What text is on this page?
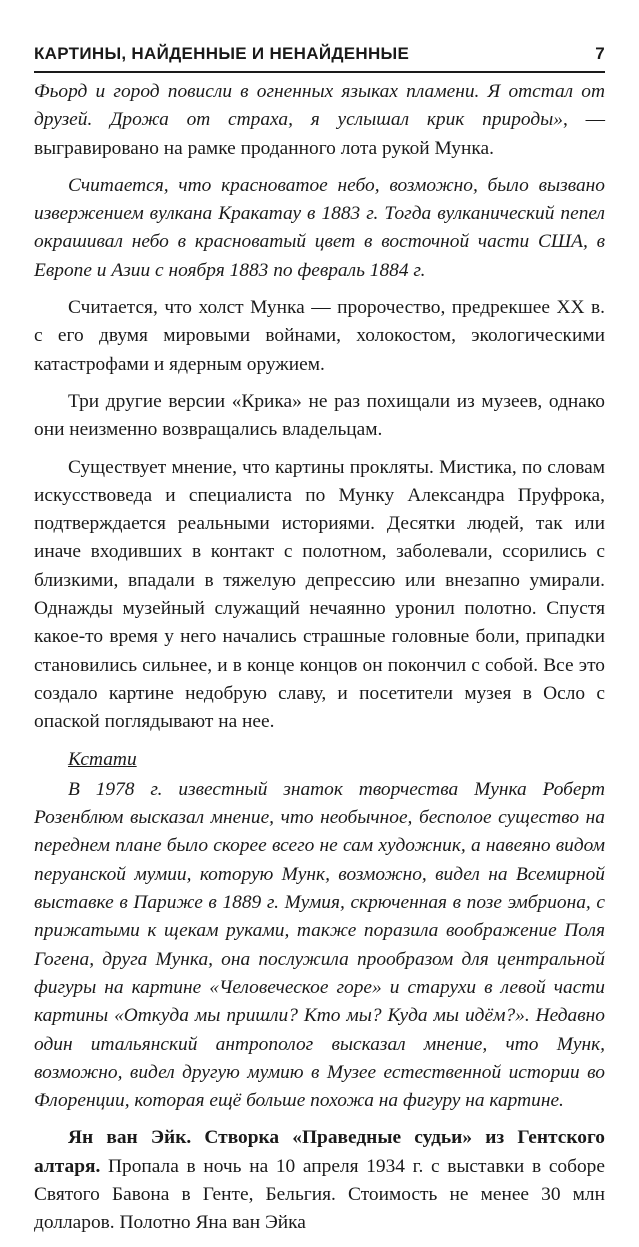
КАРТИНЫ, НАЙДЕННЫЕ И НЕНАЙДЕННЫЕ	7

Фьорд и город повисли в огненных языках пламени. Я отстал от друзей. Дрожа от страха, я услышал крик природы», — выгравировано на рамке проданного лота рукой Мунка.

Считается, что красноватое небо, возможно, было вызвано извержением вулкана Кракатау в 1883 г. Тогда вулканический пепел окрашивал небо в красноватый цвет в восточной части США, в Европе и Азии с ноября 1883 по февраль 1884 г.

Считается, что холст Мунка — пророчество, предрекшее XX в. с его двумя мировыми войнами, холокостом, экологическими катастрофами и ядерным оружием.

Три другие версии «Крика» не раз похищали из музеев, однако они неизменно возвращались владельцам.

Существует мнение, что картины прокляты. Мистика, по словам искусствоведа и специалиста по Мунку Александра Пруфрока, подтверждается реальными историями. Десятки людей, так или иначе входивших в контакт с полотном, заболевали, ссорились с близкими, впадали в тяжелую депрессию или внезапно умирали. Однажды музейный служащий нечаянно уронил полотно. Спустя какое-то время у него начались страшные головные боли, припадки становились сильнее, и в конце концов он покончил с собой. Все это создало картине недобрую славу, и посетители музея в Осло с опаской поглядывают на нее.

Кстати

В 1978 г. известный знаток творчества Мунка Роберт Розенблюм высказал мнение, что необычное, бесполое существо на переднем плане было скорее всего не сам художник, а навеяно видом перуанской мумии, которую Мунк, возможно, видел на Всемирной выставке в Париже в 1889 г. Мумия, скрюченная в позе эмбриона, с прижатыми к щекам руками, также поразила воображение Поля Гогена, друга Мунка, она послужила прообразом для центральной фигуры на картине «Человеческое горе» и старухи в левой части картины «Откуда мы пришли? Кто мы? Куда мы идём?». Недавно один итальянский антрополог высказал мнение, что Мунк, возможно, видел другую мумию в Музее естественной истории во Флоренции, которая ещё больше похожа на фигуру на картине.

Ян ван Эйк. Створка «Праведные судьи» из Гентского алтаря. Пропала в ночь на 10 апреля 1934 г. с выставки в соборе Святого Бавона в Генте, Бельгия. Стоимость не менее 30 млн долларов. Полотно Яна ван Эйка
